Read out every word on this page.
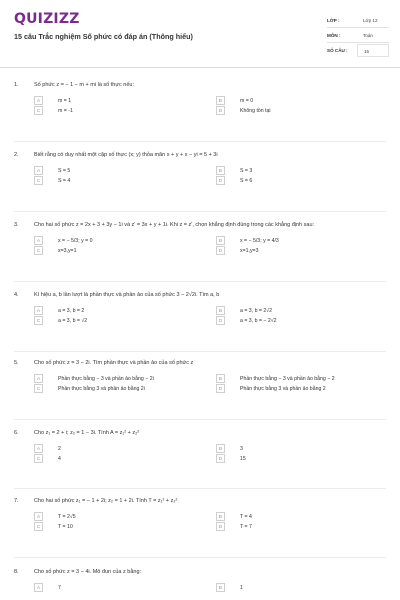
QUIZIZZ
15 câu Trắc nghiệm Số phức có đáp án (Thông hiểu)
LỚP :	Lớp 12
MÔN :	Toán
SỐ CÂU :	15
1.	Số phức z = − 1 − m + mi là số thực nếu:
A	m = 1	B	m = 0
C	m = -1	D	Không tồn tại
2.	Biết rằng có duy nhất một cặp số thực (x; y) thỏa mãn x + y + x − yi = 5 + 3i
A	S = 5	B	S = 3
C	S = 4	D	S = 6
3.	Cho hai số phức z = 2x + 3 + 3y − 1i và z' = 3x + y + 1i. Khi z = z', chọn khẳng định đúng trong các khẳng định sau:
A	x = − 5/3; y = 0	B	x = − 5/3; y = 4/3
C	x=3,y=1	D	x=1,y=3
4.	Kí hiệu a, b lần lượt là phần thực và phần ảo của số phức 3 − 2√2i. Tìm a, b
A	a = 3, b = 2	B	a = 3, b = 2√2
C	a = 3, b = √2	D	a = 3, b = − 2√2
5.	Cho số phức z = 3 − 2i. Tìm phần thực và phần ảo của số phức z
A	Phần thực bằng − 3 và phần ảo bằng − 2i	B	Phần thực bằng − 3 và phần ảo bằng − 2
C	Phần thực bằng 3 và phần ảo bằng 2i	D	Phần thực bằng 3 và phần ảo bằng 2
6.	Cho z₁ = 2 + i; z₂ = 1 − 3i. Tính A = z₁² + z₂²
A	2	B	3
C	4	D	15
7.	Cho hai số phức z₁ = − 1 + 2i; z₂ = 1 + 2i. Tính T = z₁² + z₂²
A	T = 2√5	B	T = 4
C	T = 10	D	T = 7
8.	Cho số phức z = 3 − 4i. Mô đun của z bằng:
A	7	B	1
